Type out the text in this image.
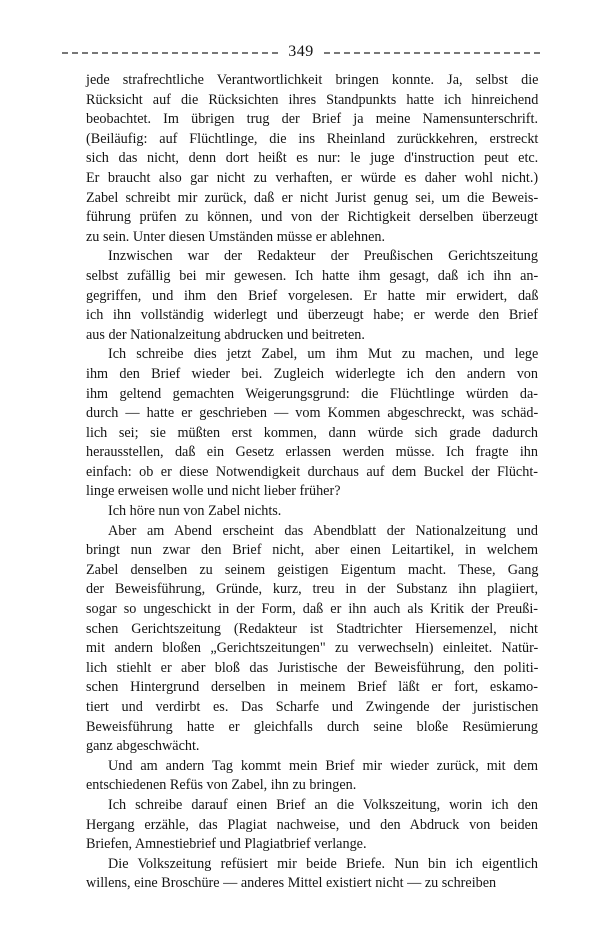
349

jede strafrechtliche Verantwortlichkeit bringen konnte. Ja, selbst die
Rücksicht auf die Rücksichten ihres Standpunkts hatte ich hinreichend
beobachtet. Im übrigen trug der Brief ja meine Namensunterschrift.
(Beiläufig: auf Flüchtlinge, die ins Rheinland zurückkehren, erstreckt
sich das nicht, denn dort heißt es nur: le juge d'instruction peut etc.
Er braucht also gar nicht zu verhaften, er würde es daher wohl nicht.)
Zabel schreibt mir zurück, daß er nicht Jurist genug sei, um die Beweis-
führung prüfen zu können, und von der Richtigkeit derselben überzeugt
zu sein. Unter diesen Umständen müsse er ablehnen.

Inzwischen war der Redakteur der Preußischen Gerichtszeitung
selbst zufällig bei mir gewesen. Ich hatte ihm gesagt, daß ich ihn an-
gegriffen, und ihm den Brief vorgelesen. Er hatte mir erwidert, daß
ich ihn vollständig widerlegt und überzeugt habe; er werde den Brief
aus der Nationalzeitung abdrucken und beitreten.

Ich schreibe dies jetzt Zabel, um ihm Mut zu machen, und lege
ihm den Brief wieder bei. Zugleich widerlegte ich den andern von
ihm geltend gemachten Weigerungsgrund: die Flüchtlinge würden da-
durch — hatte er geschrieben — vom Kommen abgeschreckt, was schäd-
lich sei; sie müßten erst kommen, dann würde sich grade dadurch
herausstellen, daß ein Gesetz erlassen werden müsse. Ich fragte ihn
einfach: ob er diese Notwendigkeit durchaus auf dem Buckel der Flücht-
linge erweisen wolle und nicht lieber früher?

Ich höre nun von Zabel nichts.

Aber am Abend erscheint das Abendblatt der Nationalzeitung und
bringt nun zwar den Brief nicht, aber einen Leitartikel, in welchem
Zabel denselben zu seinem geistigen Eigentum macht. These, Gang
der Beweisführung, Gründe, kurz, treu in der Substanz ihn plagiiert,
sogar so ungeschickt in der Form, daß er ihn auch als Kritik der Preußi-
schen Gerichtszeitung (Redakteur ist Stadtrichter Hiersemenzel, nicht
mit andern bloßen „Gerichtszeitungen" zu verwechseln) einleitet. Natür-
lich stiehlt er aber bloß das Juristische der Beweisführung, den politi-
schen Hintergrund derselben in meinem Brief läßt er fort, eskamo-
tiert und verdirbt es. Das Scharfe und Zwingende der juristischen
Beweisführung hatte er gleichfalls durch seine bloße Resümierung
ganz abgeschwächt.

Und am andern Tag kommt mein Brief mir wieder zurück, mit dem
entschiedenen Refüs von Zabel, ihn zu bringen.

Ich schreibe darauf einen Brief an die Volkszeitung, worin ich den
Hergang erzähle, das Plagiat nachweise, und den Abdruck von beiden
Briefen, Amnestiebrief und Plagiatbrief verlange.

Die Volkszeitung refüsiert mir beide Briefe. Nun bin ich eigentlich
willens, eine Broschüre — anderes Mittel existiert nicht — zu schreiben
